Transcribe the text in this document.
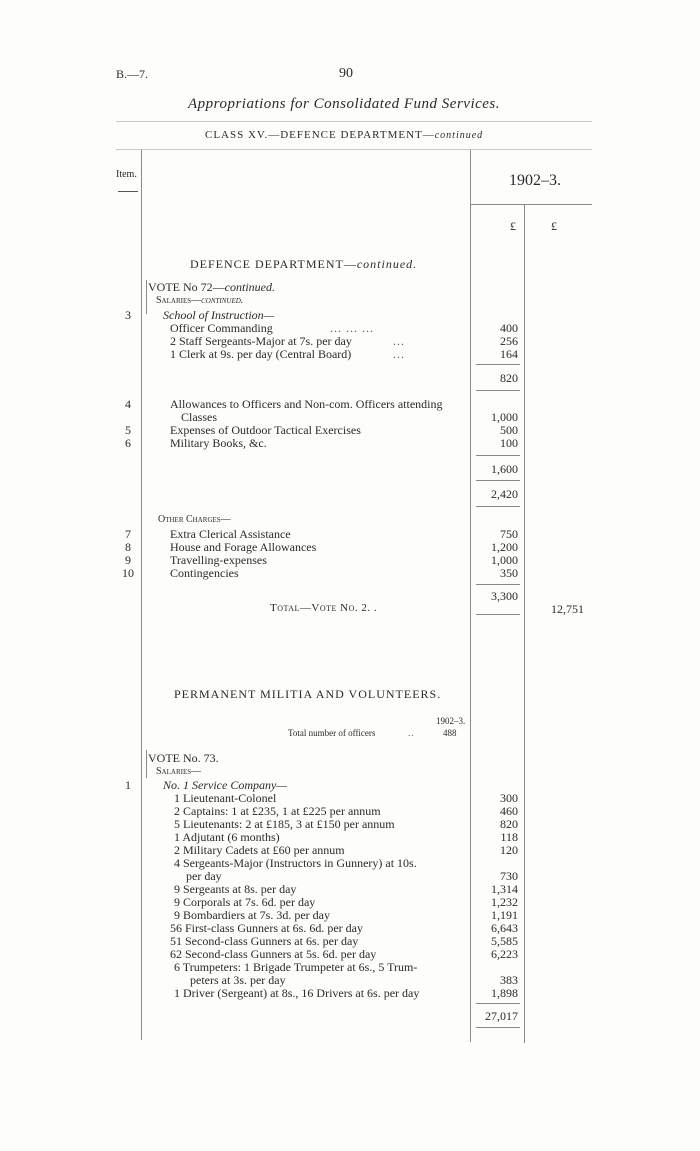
B.—7.	90
Appropriations for Consolidated Fund Services.
CLASS XV.—DEFENCE DEPARTMENT—continued
Item.	1902–3.
£	£
DEFENCE DEPARTMENT—continued.
VOTE No 72—continued.
Salaries—continued.
School of Instruction—
3
Officer Commanding	... ... ...	400
2 Staff Sergeants-Major at 7s. per day	...	256
1 Clerk at 9s. per day (Central Board)	...	164
820
4	Allowances to Officers and Non-com. Officers attending
Classes	1,000
5	Expenses of Outdoor Tactical Exercises	500
6	Military Books, &c.	100
1,600
2,420
Other Charges—
7	Extra Clerical Assistance	750
8	House and Forage Allowances	1,200
9	Travelling-expenses	1,000
10	Contingencies	350
3,300
Total—Vote No. 2. .	12,751
PERMANENT MILITIA AND VOLUNTEERS.
1902–3.
Total number of officers	..	488
VOTE No. 73.
Salaries—
1	No. 1 Service Company—
1 Lieutenant-Colonel	300
2 Captains: 1 at £235, 1 at £225 per annum	460
5 Lieutenants: 2 at £185, 3 at £150 per annum	820
1 Adjutant (6 months)	118
2 Military Cadets at £60 per annum	120
4 Sergeants-Major (Instructors in Gunnery) at 10s.
per day	730
9 Sergeants at 8s. per day	1,314
9 Corporals at 7s. 6d. per day	1,232
9 Bombardiers at 7s. 3d. per day	1,191
56 First-class Gunners at 6s. 6d. per day	6,643
51 Second-class Gunners at 6s. per day	5,585
62 Second-class Gunners at 5s. 6d. per day	6,223
6 Trumpeters: 1 Brigade Trumpeter at 6s., 5 Trum-
peters at 3s. per day	383
1 Driver (Sergeant) at 8s., 16 Drivers at 6s. per day	1,898
27,017
